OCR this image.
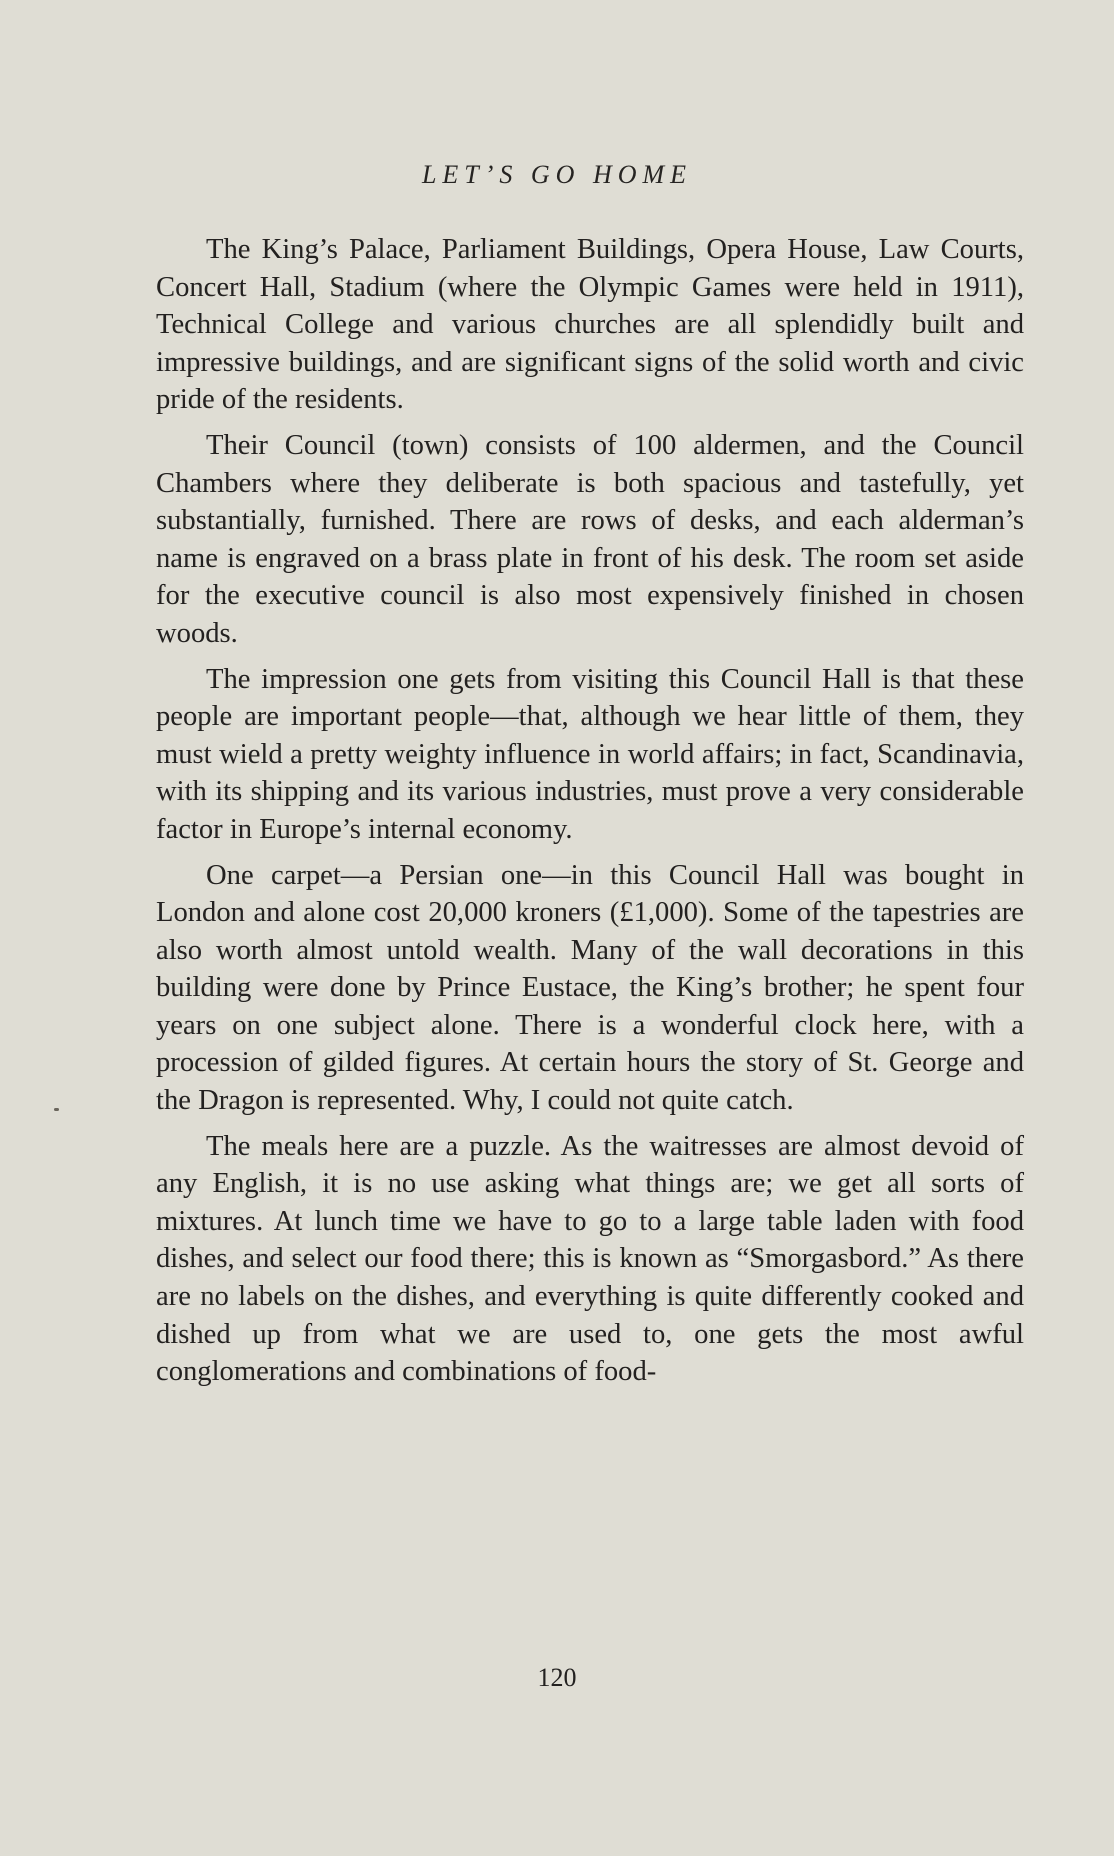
LET’S GO HOME

The King’s Palace, Parliament Buildings, Opera House, Law Courts, Concert Hall, Stadium (where the Olympic Games were held in 1911), Technical College and various churches are all splendidly built and impressive buildings, and are significant signs of the solid worth and civic pride of the residents.

Their Council (town) consists of 100 aldermen, and the Council Chambers where they deliberate is both spacious and tastefully, yet substantially, furnished. There are rows of desks, and each alderman’s name is engraved on a brass plate in front of his desk. The room set aside for the executive council is also most expensively finished in chosen woods.

The impression one gets from visiting this Council Hall is that these people are important people—that, although we hear little of them, they must wield a pretty weighty influence in world affairs; in fact, Scandinavia, with its shipping and its various industries, must prove a very considerable factor in Europe’s internal economy.

One carpet—a Persian one—in this Council Hall was bought in London and alone cost 20,000 kroners (£1,000). Some of the tapestries are also worth almost untold wealth. Many of the wall decorations in this building were done by Prince Eustace, the King’s brother; he spent four years on one subject alone. There is a wonderful clock here, with a procession of gilded figures. At certain hours the story of St. George and the Dragon is represented. Why, I could not quite catch.

The meals here are a puzzle. As the waitresses are almost devoid of any English, it is no use asking what things are; we get all sorts of mixtures. At lunch time we have to go to a large table laden with food dishes, and select our food there; this is known as “Smorgasbord.” As there are no labels on the dishes, and everything is quite differently cooked and dished up from what we are used to, one gets the most awful conglomerations and combinations of food-

120
